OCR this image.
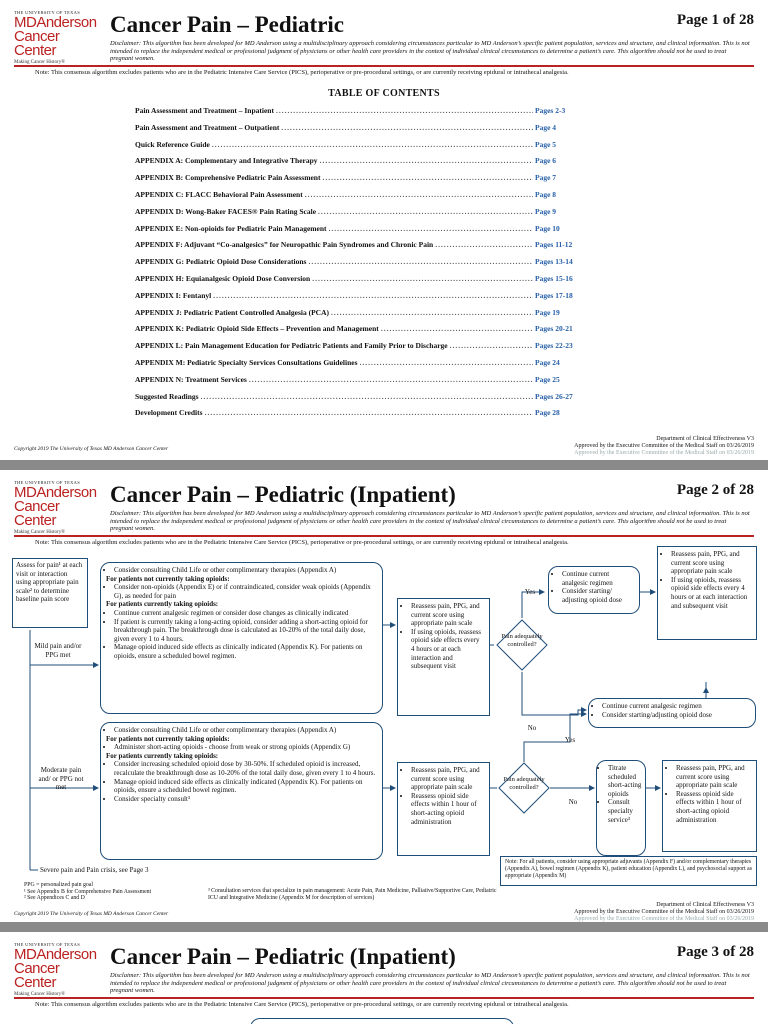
THE UNIVERSITY OF TEXAS
MDAnderson
Cancer Center
Making Cancer History®
Cancer Pain – Pediatric	Page 1 of 28
Disclaimer: This algorithm has been developed for MD Anderson using a multidisciplinary approach considering circumstances particular to MD Anderson’s specific patient population, services and structure, and clinical information. This is not intended to replace the independent medical or professional judgment of physicians or other health care providers in the context of individual clinical circumstances to determine a patient’s care. This algorithm should not be used to treat pregnant women.
Note: This consensus algorithm excludes patients who are in the Pediatric Intensive Care Service (PICS), perioperative or pre-procedural settings, or are currently receiving epidural or intrathecal analgesia.
TABLE OF CONTENTS
Pain Assessment and Treatment – Inpatient .....	Pages 2-3
Pain Assessment and Treatment – Outpatient .....	Page 4
Quick Reference Guide .....	Page 5
APPENDIX A: Complementary and Integrative Therapy .....	Page 6
APPENDIX B: Comprehensive Pediatric Pain Assessment .....	Page 7
APPENDIX C: FLACC Behavioral Pain Assessment .....	Page 8
APPENDIX D: Wong-Baker FACES® Pain Rating Scale .....	Page 9
APPENDIX E: Non-opioids for Pediatric Pain Management .....	Page 10
APPENDIX F: Adjuvant “Co-analgesics” for Neuropathic Pain Syndromes and Chronic Pain .....	Pages 11-12
APPENDIX G: Pediatric Opioid Dose Considerations .....	Pages 13-14
APPENDIX H: Equianalgesic Opioid Dose Conversion .....	Pages 15-16
APPENDIX I: Fentanyl .....	Pages 17-18
APPENDIX J: Pediatric Patient Controlled Analgesia (PCA) .....	Page 19
APPENDIX K: Pediatric Opioid Side Effects – Prevention and Management .....	Pages 20-21
APPENDIX L: Pain Management Education for Pediatric Patients and Family Prior to Discharge .....	Pages 22-23
APPENDIX M: Pediatric Specialty Services Consultations Guidelines .....	Page 24
APPENDIX N: Treatment Services .....	Page 25
Suggested Readings .....	Pages 26-27
Development Credits .....	Page 28
Copyright 2019 The University of Texas MD Anderson Cancer Center
Department of Clinical Effectiveness V3
Approved by the Executive Committee of the Medical Staff on 03/26/2019
Approved by the Executive Committee of the Medical Staff on 03/26/2019
THE UNIVERSITY OF TEXAS
MDAnderson
Cancer Center
Making Cancer History®
Cancer Pain – Pediatric (Inpatient)	Page 2 of 28
Disclaimer: This algorithm has been developed for MD Anderson using a multidisciplinary approach considering circumstances particular to MD Anderson’s specific patient population, services and structure, and clinical information. This is not intended to replace the independent medical or professional judgment of physicians or other health care providers in the context of individual clinical circumstances to determine a patient’s care. This algorithm should not be used to treat pregnant women.
Note: This consensus algorithm excludes patients who are in the Pediatric Intensive Care Service (PICS), perioperative or pre-procedural settings, or are currently receiving epidural or intrathecal analgesia.
Assess for pain¹ at each visit or interaction using appropriate pain scale² to determine baseline pain score
Mild pain and/or PPG met
Moderate pain and/ or PPG not met
Severe pain and Pain crisis, see Page 3
• Consider consulting Child Life or other complimentary therapies (Appendix A)
For patients not currently taking opioids:
• Consider non-opioids (Appendix E) or if contraindicated, consider weak opioids (Appendix G), as needed for pain
For patients currently taking opioids:
• Continue current analgesic regimen or consider dose changes as clinically indicated
• If patient is currently taking a long-acting opioid, consider adding a short-acting opioid for breakthrough pain. The breakthrough dose is calculated as 10-20% of the total daily dose, given every 1 to 4 hours.
• Manage opioid induced side effects as clinically indicated (Appendix K). For patients on opioids, ensure a scheduled bowel regimen.
• Consider consulting Child Life or other complimentary therapies (Appendix A)
For patients not currently taking opioids:
• Administer short-acting opioids - choose from weak or strong opioids (Appendix G)
For patients currently taking opioids:
• Consider increasing scheduled opioid dose by 30-50%. If scheduled opioid is increased, recalculate the breakthrough dose as 10-20% of the total daily dose, given every 1 to 4 hours.
• Manage opioid induced side effects as clinically indicated (Appendix K). For patients on opioids, ensure a scheduled bowel regimen.
• Consider specialty consult³
• Reassess pain, PPG, and current score using appropriate pain scale
• If using opioids, reassess opioid side effects every 4 hours or at each interaction and subsequent visit
• Reassess pain, PPG, and current score using appropriate pain scale
• Reassess opioid side effects within 1 hour of short-acting opioid administration
Pain adequately controlled?
Yes
No
• Continue current analgesic regimen
• Consider starting/ adjusting opioid dose
• Reassess pain, PPG, and current score using appropriate pain scale
• If using opioids, reassess opioid side effects every 4 hours or at each interaction and subsequent visit
• Continue current analgesic regimen
• Consider starting/adjusting opioid dose
Pain adequately controlled?
Yes
No
• Titrate scheduled short-acting opioids
• Consult specialty service³
• Reassess pain, PPG, and current score using appropriate pain scale
• Reassess opioid side effects within 1 hour of short-acting opioid administration
Note: For all patients, consider using appropriate adjuvants (Appendix F) and/or complementary therapies (Appendix A), bowel regimen (Appendix K), patient education (Appendix L), and psychosocial support as appropriate (Appendix M)
PPG = personalized pain goal
¹ See Appendix B for Comprehensive Pain Assessment
² See Appendices C and D
³ Consultation services that specialize in pain management: Acute Pain, Pain Medicine, Palliative/Supportive Care, Pediatric ICU and Integrative Medicine (Appendix M for description of services)
Copyright 2019 The University of Texas MD Anderson Cancer Center
Department of Clinical Effectiveness V3
Approved by the Executive Committee of the Medical Staff on 03/26/2019
Approved by the Executive Committee of the Medical Staff on 03/26/2019
THE UNIVERSITY OF TEXAS
MDAnderson
Cancer Center
Making Cancer History®
Cancer Pain – Pediatric (Inpatient)	Page 3 of 28
Disclaimer: This algorithm has been developed for MD Anderson using a multidisciplinary approach considering circumstances particular to MD Anderson’s specific patient population, services and structure, and clinical information. This is not intended to replace the independent medical or professional judgment of physicians or other health care providers in the context of individual clinical circumstances to determine a patient’s care. This algorithm should not be used to treat pregnant women.
Note: This consensus algorithm excludes patients who are in the Pediatric Intensive Care Service (PICS), perioperative or pre-procedural settings, or are currently receiving epidural or intrathecal analgesia.
